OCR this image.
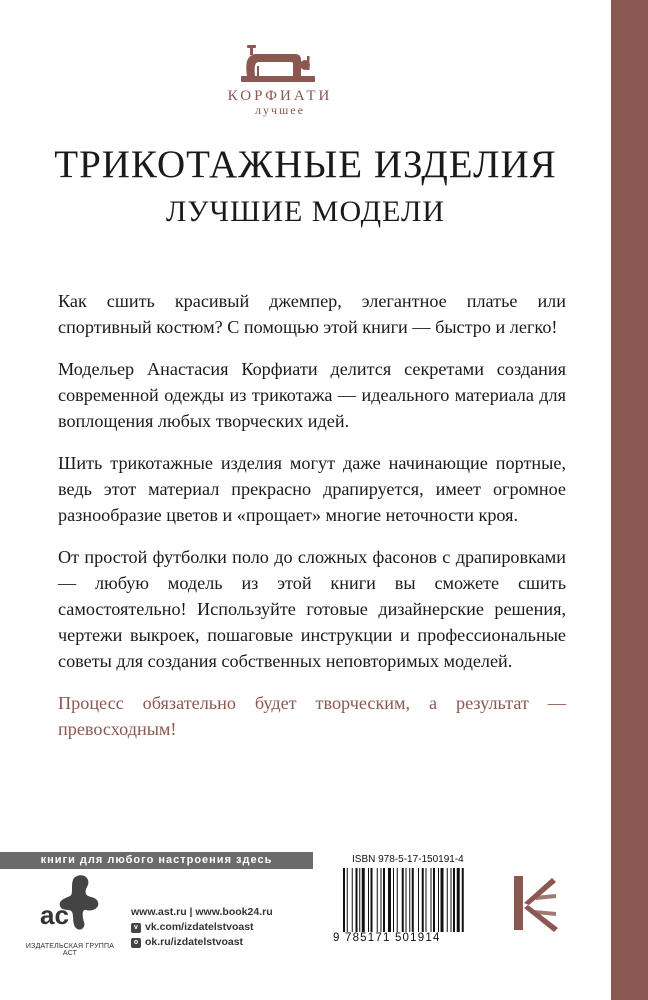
КОРФИАТИ
лучшее
ТРИКОТАЖНЫЕ ИЗДЕЛИЯ
ЛУЧШИЕ МОДЕЛИ

Как сшить красивый джемпер, элегантное платье или спортивный костюм? С помощью этой книги — быстро и легко!

Модельер Анастасия Корфиати делится секретами создания современной одежды из трикотажа — идеального материала для воплощения любых творческих идей.

Шить трикотажные изделия могут даже начинающие портные, ведь этот материал прекрасно драпируется, имеет огромное разнообразие цветов и «прощает» многие неточности кроя.

От простой футболки поло до сложных фасонов с драпировками — любую модель из этой книги вы сможете сшить самостоятельно! Используйте готовые дизайнерские решения, чертежи выкроек, пошаговые инструкции и профессиональные советы для создания собственных неповторимых моделей.

Процесс обязательно будет творческим, а результат — превосходным!

книги для любого настроения здесь
ac
ИЗДАТЕЛЬСКАЯ ГРУППА АСТ
www.ast.ru | www.book24.ru
v vk.com/izdatelstvoast
o ok.ru/izdatelstvoast
ISBN 978-5-17-150191-4
9 785171 501914
